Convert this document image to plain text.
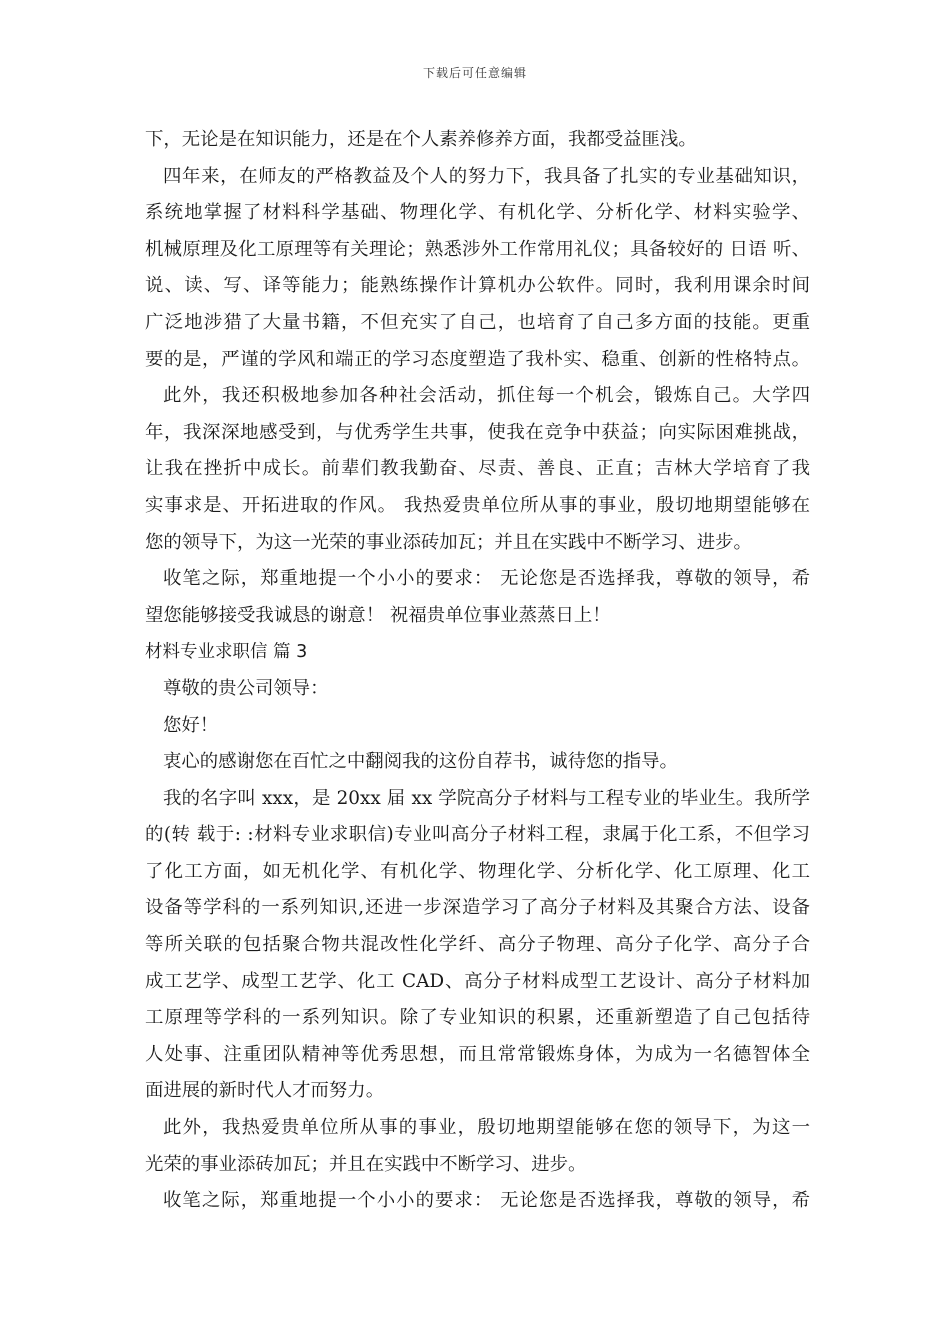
下载后可任意编辑
下，无论是在知识能力，还是在个人素养修养方面，我都受益匪浅。
四年来，在师友的严格教益及个人的努力下，我具备了扎实的专业基础知识，
系统地掌握了材料科学基础、物理化学、有机化学、分析化学、材料实验学、
机械原理及化工原理等有关理论；熟悉涉外工作常用礼仪；具备较好的 日语 听、
说、读、写、译等能力；能熟练操作计算机办公软件。同时，我利用课余时间
广泛地涉猎了大量书籍，不但充实了自己，也培育了自己多方面的技能。更重
要的是，严谨的学风和端正的学习态度塑造了我朴实、稳重、创新的性格特点。
此外，我还积极地参加各种社会活动，抓住每一个机会，锻炼自己。大学四
年，我深深地感受到，与优秀学生共事，使我在竞争中获益；向实际困难挑战，
让我在挫折中成长。前辈们教我勤奋、尽责、善良、正直；吉林大学培育了我
实事求是、开拓进取的作风。 我热爱贵单位所从事的事业，殷切地期望能够在
您的领导下，为这一光荣的事业添砖加瓦；并且在实践中不断学习、进步。
收笔之际，郑重地提一个小小的要求： 无论您是否选择我，尊敬的领导，希
望您能够接受我诚恳的谢意！ 祝福贵单位事业蒸蒸日上！
材料专业求职信 篇 3
尊敬的贵公司领导：
您好！
衷心的感谢您在百忙之中翻阅我的这份自荐书，诚待您的指导。
我的名字叫 xxx，是 20xx 届 xx 学院高分子材料与工程专业的毕业生。我所学
的(转 载于: :材料专业求职信)专业叫高分子材料工程，隶属于化工系，不但学习
了化工方面，如无机化学、有机化学、物理化学、分析化学、化工原理、化工
设备等学科的一系列知识,还进一步深造学习了高分子材料及其聚合方法、设备
等所关联的包括聚合物共混改性化学纤、高分子物理、高分子化学、高分子合
成工艺学、成型工艺学、化工 CAD、高分子材料成型工艺设计、高分子材料加
工原理等学科的一系列知识。除了专业知识的积累，还重新塑造了自己包括待
人处事、注重团队精神等优秀思想，而且常常锻炼身体，为成为一名德智体全
面进展的新时代人才而努力。
此外，我热爱贵单位所从事的事业，殷切地期望能够在您的领导下，为这一
光荣的事业添砖加瓦；并且在实践中不断学习、进步。
收笔之际，郑重地提一个小小的要求： 无论您是否选择我，尊敬的领导，希
